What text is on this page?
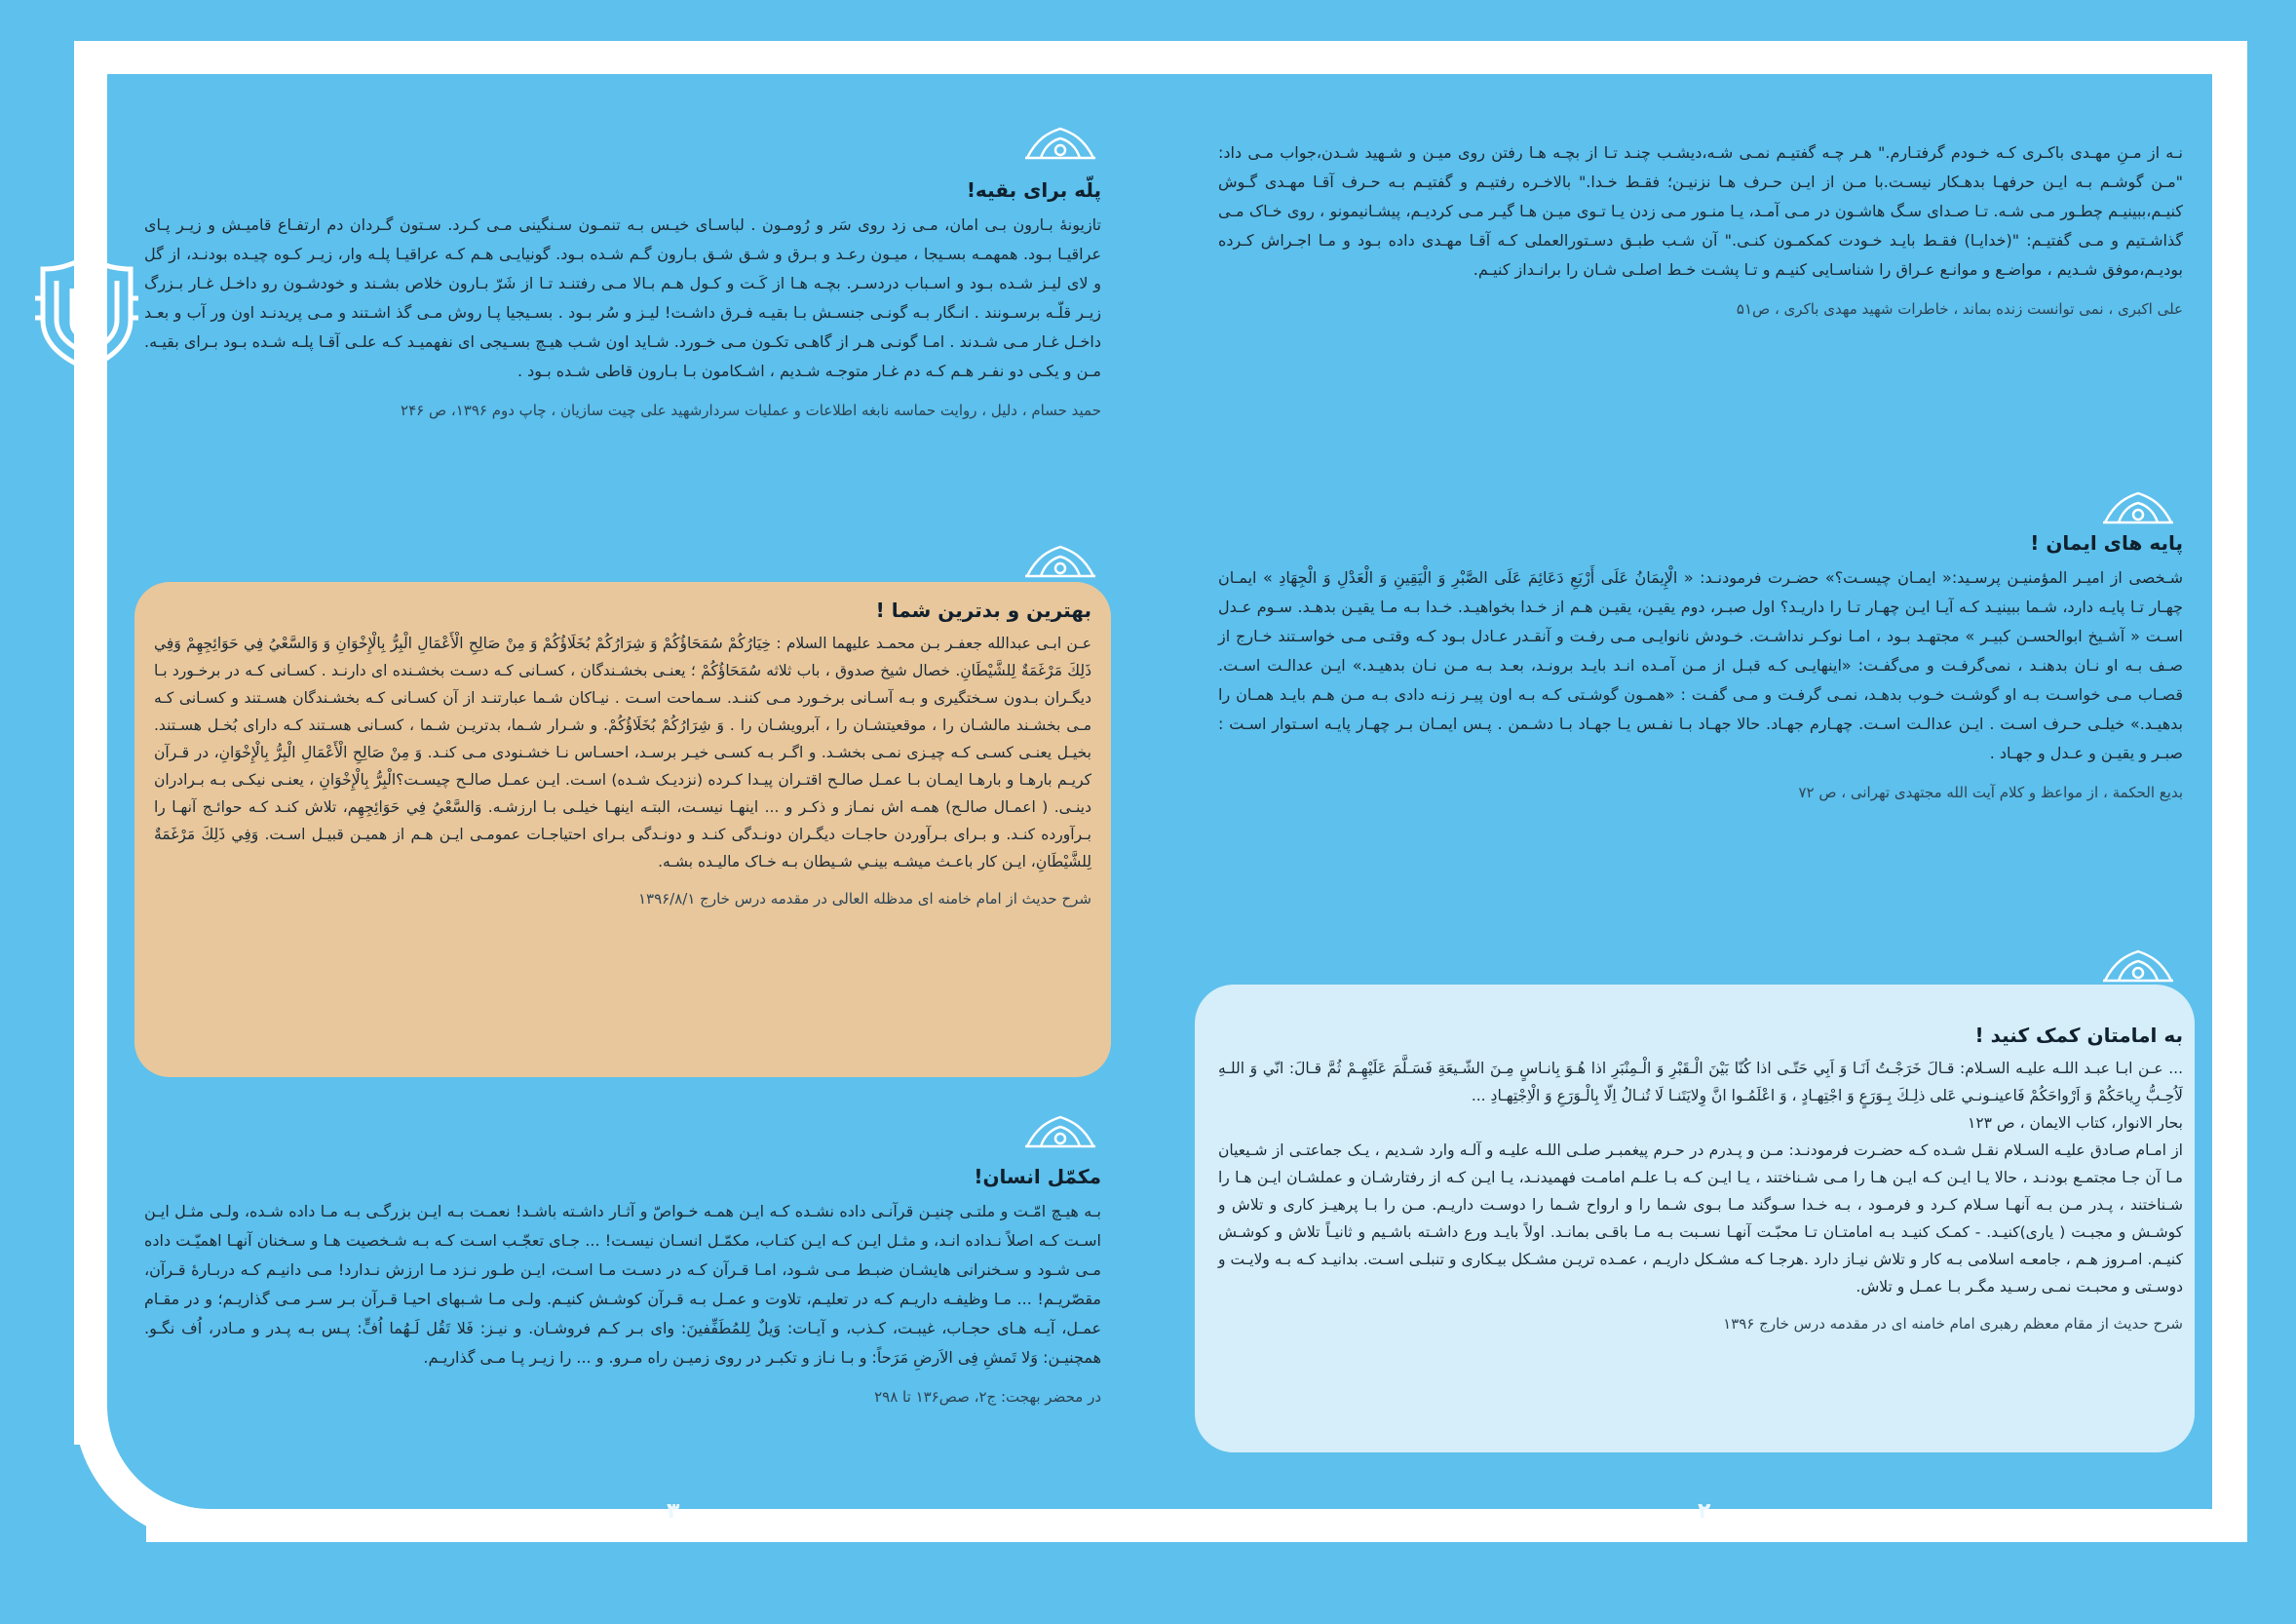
نشریه معرفتی بصیرتی دوره نسخه نجات بخش
پلّه برای بقیه!

تازیونهٔ بـارون بـی امان، مـی زد روی سَر و رُومـون . لباسـای خیـس بـه تنمـون سـنگینی مـی کـرد. سـتون گـردان دم ارتفـاع قامیـش و زیـر پـای عراقیـا بـود. همهمـه بسـیجا ، میـون رعـد و بـرق و شـق شـق بـارون گـم شـده بـود. گونیایـی هـم کـه عراقیـا پلـه وار، زیـر کـوه چیـده بودنـد، از گل و لای لیـز شـده بـود و اسـباب دردسـر. بچـه هـا از کَـت و کـول هـم بـالا مـی رفتنـد تـا از شَرّ بـارون خلاص بشـند و خودشـون رو داخـل غـار بـزرگ زیـر قلّـه برسـونند . انـگار بـه گونـی جنسـش بـا بقیـه فـرق داشـت! لیـز و سُر بـود . بسـیجیا پـا روش مـی گذ اشـتند و مـی پریدنـد اون ور آب و بعـد داخـل غـار مـی شـدند . امـا گونـی هـر از گاهـی تکـون مـی خـورد. شـاید اون شـب هیـچ بسـیجی ای نفهمیـد کـه علـی آقـا پلـه شـده بـود بـرای بقیـه. مـن و یکـی دو نفـر هـم کـه دم غـار متوجـه شـدیم ، اشـکامون بـا بـارون قاطی شـده بـود .

حمید حسام ، دلیل ، روایت حماسه نابغه اطلاعات و عملیات سردارشهید علی چیت سازیان ، چاپ دوم ۱۳۹۶، ص ۲۴۶

بهترین و بدترین شما !

عـن ابـی عبدالله جعفـر بـن محمـد علیهما السلام : خِيَارُكُمْ سُمَحَاؤُكُمْ وَ شِرَارُكُمْ بُخَلَاؤُكُمْ وَ مِنْ صَالِحِ الْأَعْمَالِ الْبِرُّ بِالْإِخْوَانِ وَ وَالسَّعْيُ فِي حَوَائِجِهِمْ وَفِي ذَلِكَ مَرْغَمَةٌ لِلشَّيْطَانِ. خصال شیخ صدوق ، باب ثلاثه سُمَحَاؤُكُمْ ؛ یعنـی بخشـندگان ، کسـانی کـه دسـت بخشـنده ای دارنـد . کسـانی کـه در برخـورد بـا دیگـران بـدون سـختگیری و بـه آسـانی برخـورد مـی کننـد. سـماحت اسـت . نیـاکان شـما عبارتنـد از آن کسـانی کـه بخشـندگان هسـتند و کسـانی کـه مـی بخشـند مالشـان را ، موقعیتشـان را ، آبرویشـان را . وَ شِرَارُكُمْ بُخَلَاؤُكُمْ. و شـرار شـما، بدتریـن شـما ، کسـانی هسـتند کـه دارای بُخـل هسـتند. بخیـل یعنـی کسـی کـه چیـزی نمـی بخشـد. و اگـر بـه کسـی خیـر برسـد، احسـاس نـا خشـنودی مـی کنـد. وَ مِنْ صَالِحِ الْأَعْمَالِ الْبِرُّ بِالْإِخْوَانِ، در قـرآن کریـم بارهـا و بارهـا ایمـان بـا عمـل صالـح اقتـران پیـدا کـرده (نزدیـک شـده) اسـت. ایـن عمـل صالـح چیسـت؟الْبِرُّ بِالْإِخْوَانِ ، یعنـی نیکـی بـه بـرادران دینـی. ( اعمـال صالـح) همـه اش نمـاز و ذکـر و ... اینهـا نیسـت، البتـه اینهـا خیلـی بـا ارزشـه. وَالسَّعْيُ فِي حَوَائِجِهِم، تلاش کنـد کـه حوائـج آنهـا را بـرآورده کنـد. و بـرای بـرآوردن حاجـات دیگـران دونـدگی کنـد و دونـدگی بـرای احتیاجـات عمومـی ایـن هـم از همیـن قبیـل اسـت. وَفِي ذَلِكَ مَرْغَمَةٌ لِلشَّيْطَانِ، ایـن کار باعـث میشـه بینـي شـیطان بـه خـاک مالیـده بشـه.

شرح حدیث از امام خامنه ای مدظله العالی در مقدمه درس خارج ۱۳۹۶/۸/۱

مکمّل انسان!

بـه هیـچ امّـت و ملتـی چنیـن قرآنـی داده نشـده کـه ایـن همـه خـواصّ و آثـار داشـته باشـد! نعمـت بـه ایـن بزرگـی بـه مـا داده شـده، ولـی مثـل ایـن اسـت کـه اصلاً نـداده انـد، و مثـل ایـن کـه ایـن کتـاب، مکمّـل انسـان نیسـت! ... جـای تعجّـب اسـت کـه بـه شـخصیت هـا و سـخنان آنهـا اهمیّـت داده مـی شـود و سـخنرانی هایشـان ضبـط مـی شـود، امـا قـرآن کـه در دسـت مـا اسـت، ایـن طـور نـزد مـا ارزش نـدارد! مـی دانیـم کـه دربـارهٔ قـرآن، مقصّریـم! ... مـا وظیفـه داریـم کـه در تعلیـم، تلاوت و عمـل بـه قـرآن کوشـش کنیـم. ولـی مـا شـبهای احیـا قـرآن بـر سـر مـی گذاریـم؛ و در مقـام عمـل، آیـه هـای حجـاب، غیبـت، کـذب، و آیـات: وَيلٌ لِلمُطَفِّفينَ: وای بـر کـم فروشـان. و نیـز: فَلا تَقُل لَـهُما اُفٍّ: پـس بـه پـدر و مـادر، اُف نگـو. همچنیـن: وَلا تَمشِ فِی الاَرضِ مَرَحاً: و بـا نـاز و تکبـر در روی زمیـن راه مـرو. و ... را زیـر پـا مـی گذاریـم.

در محضر بهجت: ج۲، صص۱۳۶ تا ۲۹۸

نـه از مـنِ مهـدی باکـری کـه خـودم گرفتـارم." هـر چـه گفتیـم نمـی شـه،دیشـب چنـد تـا از بچـه هـا رفتن روی میـن و شـهید شـدن،جواب مـی داد: "مـن گوشـم بـه ایـن حرفهـا بدهـکار نیسـت.با مـن از ایـن حـرف هـا نزنیـن؛ فقـط خـدا." بالاخـره رفتیـم و گفتیـم بـه حـرف آقـا مهـدی گـوش کنیـم،ببینیـم چطـور مـی شـه. تـا صـدای سـگ هاشـون در مـی آمـد، یـا منـور مـی زدن یـا تـوی میـن هـا گیـر مـی کردیـم، پیشـانیمونو ، روی خـاک مـی گذاشـتیم و مـی گفتیـم: "(خدایـا) فقـط بایـد خـودت کمکمـون کنـی." آن شـب طبـق دسـتورالعملی کـه آقـا مهـدی داده بـود و مـا اجـراش کـرده بودیـم،موفق شـدیم ، مواضـع و موانـع عـراق را شناسـایی کنیـم و تـا پشـت خـط اصلـی شـان را برانـداز کنیـم.

علی اکبری ، نمی توانست زنده بماند ، خاطرات شهید مهدی باکری ، ص۵۱

پایه های ایمان !

شـخصی از امیـر المؤمنیـن پرسـید:« ایمـان چیسـت؟» حضـرت فرمودنـد: « الْإِيمَانُ عَلَى أَرْبَعِ دَعَائِمَ عَلَى الصَّبْرِ وَ الْيَقِينِ وَ الْعَدْلِ وَ الْجِهَادِ » ایمـان چهـار تـا پایـه دارد، شـما ببینیـد کـه آیـا ایـن چهـار تـا را داریـد؟ اول صبـر، دوم یقیـن، یقیـن هـم از خـدا بخواهیـد. خـدا بـه مـا یقیـن بدهـد. سـوم عـدل اسـت « آشـیخ ابوالحسـن کبیـر » مجتهـد بـود ، امـا نوکـر نداشـت. خـودش نانوایـی مـی رفـت و آنقـدر عـادل بـود کـه وقتـی مـی خواسـتند خـارج از صـف بـه او نـان بدهنـد ، نمی‌گرفـت و می‌گفـت: «اینهایـی کـه قبـل از مـن آمـده انـد بایـد برونـد، بعـد بـه مـن نـان بدهیـد.» ایـن عدالـت اسـت. قصـاب مـی خواسـت بـه او گوشـت خـوب بدهـد، نمـی گرفـت و مـی گفـت : «همـون گوشـتی کـه بـه اون پیـر زنـه دادی بـه مـن هـم بایـد همـان را بدهیـد.» خیلـی حـرف اسـت . ایـن عدالـت اسـت. چهـارم جهـاد. حالا جهـاد بـا نفـس یـا جهـاد بـا دشـمن . پـس ایمـان بـر چهـار پایـه اسـتوار اسـت : صبـر و یقیـن و عـدل و جهـاد .

بدیع الحکمة ، از مواعظ و کلام آیت الله مجتهدی تهرانی ، ص ۷۲

به امامتان کمک کنید !

... عـن ابـا عبـد اللـه علیـه السـلام: قـالَ خَرَجْـتُ اَنَـا وَ اَبِي حَتّـى اذا كُنّا بَيْنَ الْـقَبْرِ وَ الْـمِنْبَرِ اذا هُـوَ بِانـاسٍ مِـنَ الشّـيعَةِ فَسَـلَّمَ عَلَيْهِـمْ ثُمَّ قـالَ: انّي وَ اللـهِ لَاُحِـبُّ رِياحَكُمْ وَ اَرْواحَكُمْ فَاعينـونـي عَلى ذلِـكَ بِـوَرَعٍ وَ اجْتِهـادٍ ، وَ اعْلَمُـوا انَّ وِلايَتَنـا لَا تُنـالُ اِلّا بِالْـوَرَعِ وَ الْاِجْتِهـادِ ...

بحار الانوار، کتاب الایمان ، ص ۱۲۳

از امـام صـادق علیـه السـلام نقـل شـده کـه حضـرت فرمودنـد: مـن و پـدرم در حـرم پیغمبـر صلـی اللـه علیـه و آلـه وارد شـدیم ، یـک جماعتـی از شـیعیان مـا آن جـا مجتمـع بودنـد ، حالا یـا ایـن کـه ایـن هـا را مـی شـناختند ، یـا ایـن کـه بـا علـم امامـت فهمیدنـد، یـا ایـن کـه از رفتارشـان و عملشـان ایـن هـا را شـناختند ، پـدر مـن بـه آنهـا سـلام کـرد و فرمـود ، بـه خـدا سـوگند مـا بـوی شـما را و ارواح شـما را دوسـت داریـم. مـن را بـا پرهیـز کاری و تلاش و کوشـش و مجبـت ( یاری)کنیـد. - کمـک کنیـد بـه امامتـان تـا محبّـت آنهـا نسـبت بـه مـا باقـی بمانـد. اولاً بایـد ورع داشـته باشـیم و ثانیـاً تلاش و کوشـش کنیـم. امـروز هـم ، جامعـه اسلامی بـه کار و تلاش نیـاز دارد .هرجـا کـه مشـکل داریـم ، عمـده تریـن مشـکل بیـکاری و تنبلـی اسـت. بدانیـد کـه بـه ولایـت و دوسـتی و محبـت نمـی رسـید مگـر بـا عمـل و تلاش.

شرح حدیث از مقام معظم رهبری امام خامنه ای در مقدمه درس خارج ۱۳۹۶

۳	۲
